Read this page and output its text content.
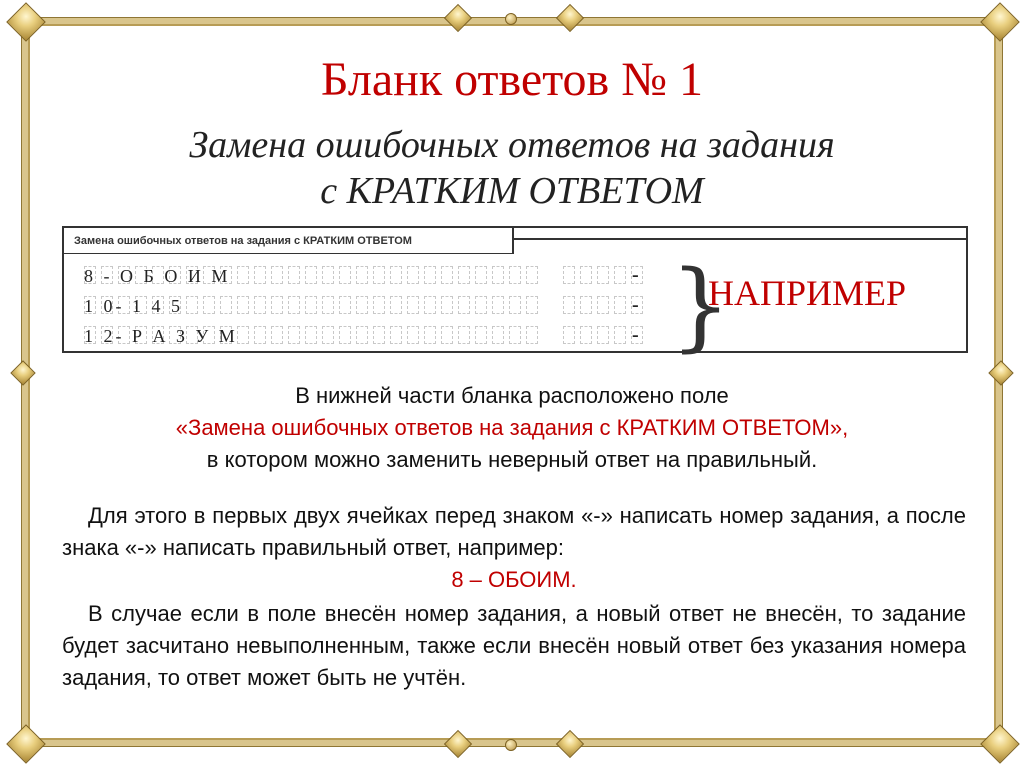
Бланк ответов № 1
Замена ошибочных ответов на задания
с КРАТКИМ ОТВЕТОМ
Замена ошибочных ответов на задания с КРАТКИМ ОТВЕТОМ
8 - О Б О И М
1 0- 1 4 5
1 2- Р А З У М
-
-
- }
НАПРИМЕР
В нижней части бланка расположено поле
«Замена ошибочных ответов на задания с КРАТКИМ ОТВЕТОМ»,
в котором можно заменить неверный ответ на правильный.
Для этого в первых двух ячейках перед знаком «-» написать номер задания, а после знака «-» написать правильный ответ, например:
8 – ОБОИМ.
В случае если в поле внесён номер задания, а новый ответ не внесён, то задание будет засчитано невыполненным, также если внесён новый ответ без указания номера задания, то ответ может быть не учтён.
